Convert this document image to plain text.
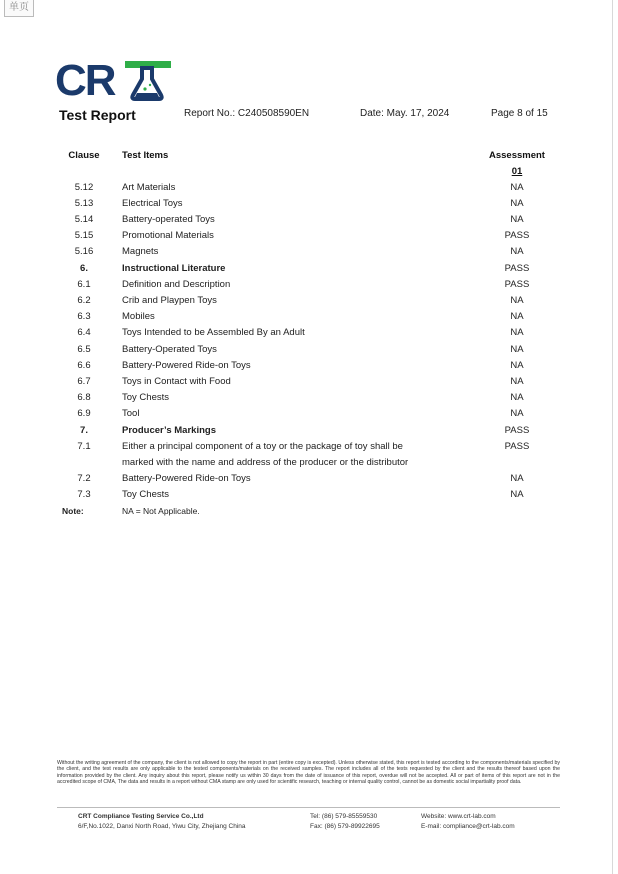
单页
CR
Test Report	Report No.: C240508590EN	Date: May. 17, 2024	Page 8 of 15
Clause	Test Items	Assessment
01
5.12	Art Materials	NA
5.13	Electrical Toys	NA
5.14	Battery-operated Toys	NA
5.15	Promotional Materials	PASS
5.16	Magnets	NA
6.	Instructional Literature	PASS
6.1	Definition and Description	PASS
6.2	Crib and Playpen Toys	NA
6.3	Mobiles	NA
6.4	Toys Intended to be Assembled By an Adult	NA
6.5	Battery-Operated Toys	NA
6.6	Battery-Powered Ride-on Toys	NA
6.7	Toys in Contact with Food	NA
6.8	Toy Chests	NA
6.9	Tool	NA
7.	Producer’s Markings	PASS
7.1	Either a principal component of a toy or the package of toy shall be	PASS
marked with the name and address of the producer or the distributor
7.2	Battery-Powered Ride-on Toys	NA
7.3	Toy Chests	NA
Note:	NA = Not Applicable.
Without the writing agreement of the company, the client is not allowed to copy the report in part (entire copy is excepted). Unless otherwise stated, this report is tested according to the components/materials specified by the client, and the test results are only applicable to the tested components/materials on the received samples. The report includes all of the tests requested by the client and the results thereof based upon the information provided by the client. Any inquiry about this report, please notify us within 30 days from the date of issuance of this report, overdue will not be accepted. All or part of items of this report are not in the accredited scope of CMA, The data and results in a report without CMA stamp are only used for scientific research, teaching or internal quality control, cannot be as domestic social impartiality proof data.
CRT Compliance Testing Service Co.,Ltd
6/F,No.1022, Danxi North Road, Yiwu City, Zhejiang China
Tel: (86) 579-85559530
Fax: (86) 579-89922695
Website: www.crt-lab.com
E-mail: compliance@crt-lab.com
